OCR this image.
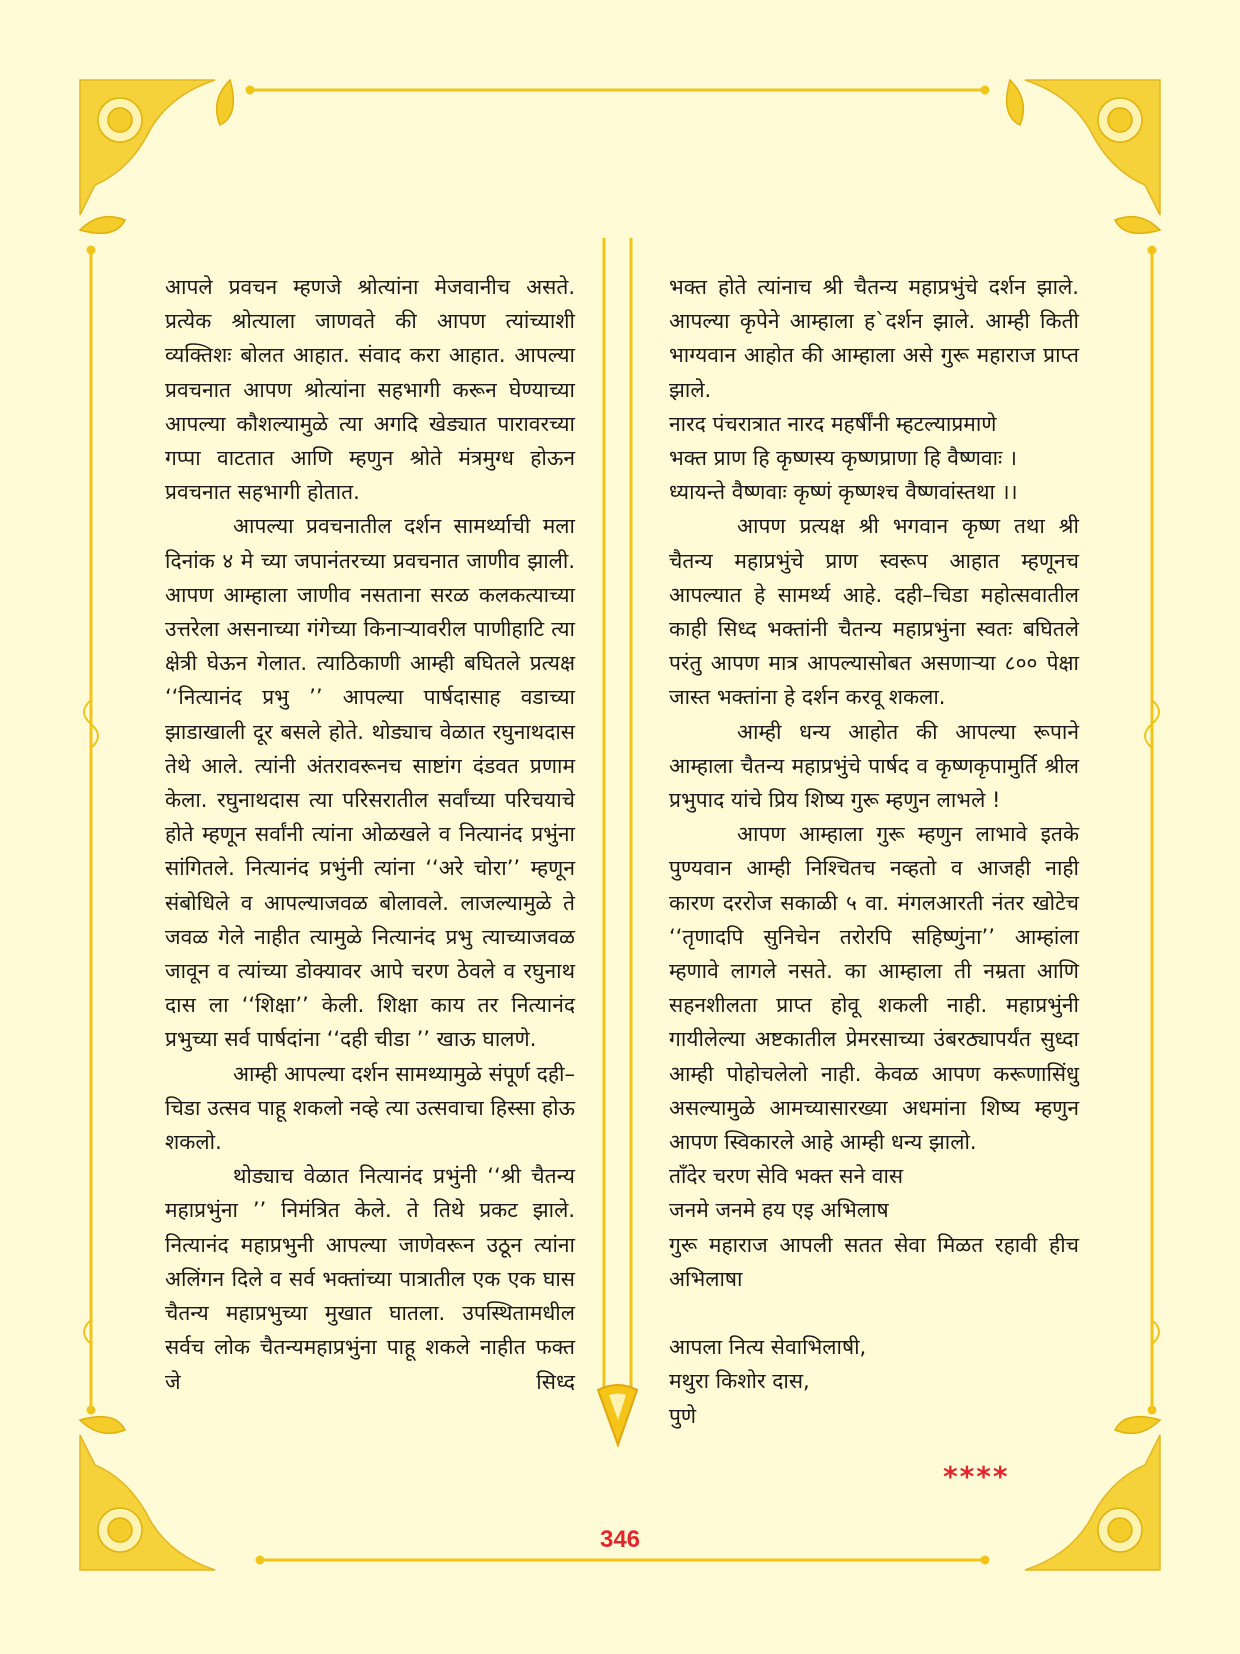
आपले प्रवचन म्हणजे श्रोत्यांना मेजवानीच असते. प्रत्येक श्रोत्याला जाणवते की आपण त्यांच्याशी व्यक्तिशः बोलत आहात. संवाद करा आहात. आपल्या प्रवचनात आपण श्रोत्यांना सहभागी करून घेण्याच्या आपल्या कौशल्यामुळे त्या अगदि खेड्यात पारावरच्या गप्पा वाटतात आणि म्हणुन श्रोते मंत्रमुग्ध होऊन प्रवचनात सहभागी होतात.

आपल्या प्रवचनातील दर्शन सामर्थ्याची मला दिनांक ४ मे च्या जपानंतरच्या प्रवचनात जाणीव झाली. आपण आम्हाला जाणीव नसताना सरळ कलकत्याच्या उत्तरेला असनाच्या गंगेच्या किनाऱ्यावरील पाणीहाटि त्या क्षेत्री घेऊन गेलात. त्याठिकाणी आम्ही बघितले प्रत्यक्ष ‘‘नित्यानंद प्रभु ’’ आपल्या पार्षदासाह वडाच्या झाडाखाली दूर बसले होते. थोड्याच वेळात रघुनाथदास तेथे आले. त्यांनी अंतरावरूनच साष्टांग दंडवत प्रणाम केला. रघुनाथदास त्या परिसरातील सर्वांच्या परिचयाचे होते म्हणून सर्वांनी त्यांना ओळखले व नित्यानंद प्रभुंना सांगितले. नित्यानंद प्रभुंनी त्यांना ‘‘अरे चोरा’’ म्हणून संबोधिले व आपल्याजवळ बोलावले. लाजल्यामुळे ते जवळ गेले नाहीत त्यामुळे नित्यानंद प्रभु त्याच्याजवळ जावून व त्यांच्या डोक्यावर आपे चरण ठेवले व रघुनाथ दास ला ‘‘शिक्षा’’ केली. शिक्षा काय तर नित्यानंद प्रभुच्या सर्व पार्षदांना ‘‘दही चीडा ’’ खाऊ घालणे.

आम्ही आपल्या दर्शन सामथ्यामुळे संपूर्ण दही–चिडा उत्सव पाहू शकलो नव्हे त्या उत्सवाचा हिस्सा होऊ शकलो.

थोड्याच वेळात नित्यानंद प्रभुंनी ‘‘श्री चैतन्य महाप्रभुंना ’’ निमंत्रित केले. ते तिथे प्रकट झाले. नित्यानंद महाप्रभुनी आपल्या जाणेवरून उठून त्यांना अलिंगन दिले व सर्व भक्तांच्या पात्रातील एक एक घास चैतन्य महाप्रभुच्या मुखात घातला. उपस्थितामधील सर्वच लोक चैतन्यमहाप्रभुंना पाहू शकले नाहीत फक्त जे सिध्द

भक्त होते त्यांनाच श्री चैतन्य महाप्रभुंचे दर्शन झाले. आपल्या कृपेने आम्हाला ह`दर्शन झाले. आम्ही किती भाग्यवान आहोत की आम्हाला असे गुरू महाराज प्राप्त झाले.

नारद पंचरात्रात नारद महर्षींनी म्हटल्याप्रमाणे

भक्त प्राण हि कृष्णस्य कृष्णप्राणा हि वैष्णवाः ।

ध्यायन्ते वैष्णवाः कृष्णं कृष्णश्च वैष्णवांस्तथा ।।

आपण प्रत्यक्ष श्री भगवान कृष्ण तथा श्री चैतन्य महाप्रभुंचे प्राण स्वरूप आहात म्हणूनच आपल्यात हे सामर्थ्य आहे. दही–चिडा महोत्सवातील काही सिध्द भक्तांनी चैतन्य महाप्रभुंना स्वतः बघितले परंतु आपण मात्र आपल्यासोबत असणाऱ्या ८०० पेक्षा जास्त भक्तांना हे दर्शन करवू शकला.

आम्ही धन्य आहोत की आपल्या रूपाने आम्हाला चैतन्य महाप्रभुंचे पार्षद व कृष्णकृपामुर्ति श्रील प्रभुपाद यांचे प्रिय शिष्य गुरू म्हणुन लाभले !

आपण आम्हाला गुरू म्हणुन लाभावे इतके पुण्यवान आम्ही निश्चितच नव्हतो व आजही नाही कारण दररोज सकाळी ५ वा. मंगलआरती नंतर खोटेच ‘‘तृणादपि सुनिचेन तरोरपि सहिष्णुंना’’ आम्हांला म्हणावे लागले नसते. का आम्हाला ती नम्रता आणि सहनशीलता प्राप्त होवू शकली नाही. महाप्रभुंनी गायीलेल्या अष्टकातील प्रेमरसाच्या उंबरठ्यापर्यंत सुध्दा आम्ही पोहोचलेलो नाही. केवळ आपण करूणासिंधु असल्यामुळे आमच्यासारख्या अधमांना शिष्य म्हणुन आपण स्विकारले आहे आम्ही धन्य झालो.

ताँदेर चरण सेवि भक्त सने वास

जनमे जनमे हय एइ अभिलाष

गुरू महाराज आपली सतत सेवा मिळत रहावी हीच अभिलाषा

आपला नित्य सेवाभिलाषी,

मथुरा किशोर दास,

पुणे

****
346
